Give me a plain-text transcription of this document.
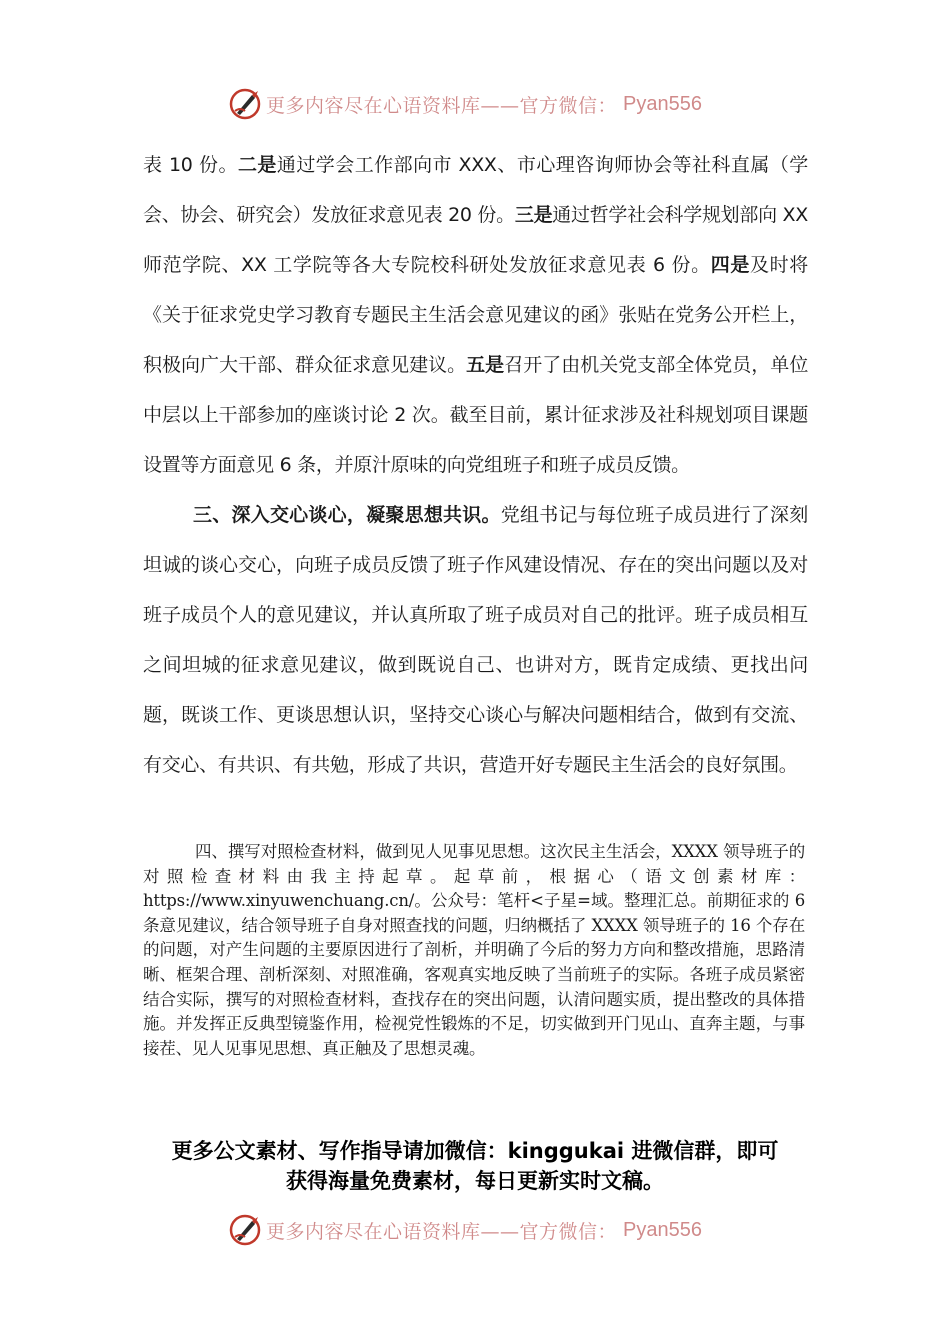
更多内容尽在心语资料库——官方微信： Pyan556
表 10 份。二是通过学会工作部向市 XXX、市心理咨询师协会等社科直属（学会、协会、研究会）发放征求意见表 20 份。三是通过哲学社会科学规划部向 XX 师范学院、XX 工学院等各大专院校科研处发放征求意见表 6 份。四是及时将《关于征求党史学习教育专题民主生活会意见建议的函》张贴在党务公开栏上，积极向广大干部、群众征求意见建议。五是召开了由机关党支部全体党员，单位中层以上干部参加的座谈讨论 2 次。截至目前，累计征求涉及社科规划项目课题设置等方面意见 6 条，并原汁原味的向党组班子和班子成员反馈。
三、深入交心谈心，凝聚思想共识。党组书记与每位班子成员进行了深刻坦诚的谈心交心，向班子成员反馈了班子作风建设情况、存在的突出问题以及对班子成员个人的意见建议，并认真所取了班子成员对自己的批评。班子成员相互之间坦城的征求意见建议，做到既说自己、也讲对方，既肯定成绩、更找出问题，既谈工作、更谈思想认识，坚持交心谈心与解决问题相结合，做到有交流、有交心、有共识、有共勉，形成了共识，营造开好专题民主生活会的良好氛围。
四、撰写对照检查材料，做到见人见事见思想。这次民主生活会，XXXX 领导班子的对照检查材料由我主持起草。起草前，根据心（语文创素材库：https://www.xinyuwenchuang.cn/。公众号：笔杆<子星=域。整理汇总。前期征求的 6 条意见建议，结合领导班子自身对照查找的问题，归纳概括了 XXXX 领导班子的 16 个存在的问题，对产生问题的主要原因进行了剖析，并明确了今后的努力方向和整改措施，思路清晰、框架合理、剖析深刻、对照准确，客观真实地反映了当前班子的实际。各班子成员紧密结合实际，撰写的对照检查材料，查找存在的突出问题，认清问题实质，提出整改的具体措施。并发挥正反典型镜鉴作用，检视党性锻炼的不足，切实做到开门见山、直奔主题，与事接茬、见人见事见思想、真正触及了思想灵魂。
更多公文素材、写作指导请加微信：kinggukai 进微信群，即可
获得海量免费素材，每日更新实时文稿。
更多内容尽在心语资料库——官方微信： Pyan556
